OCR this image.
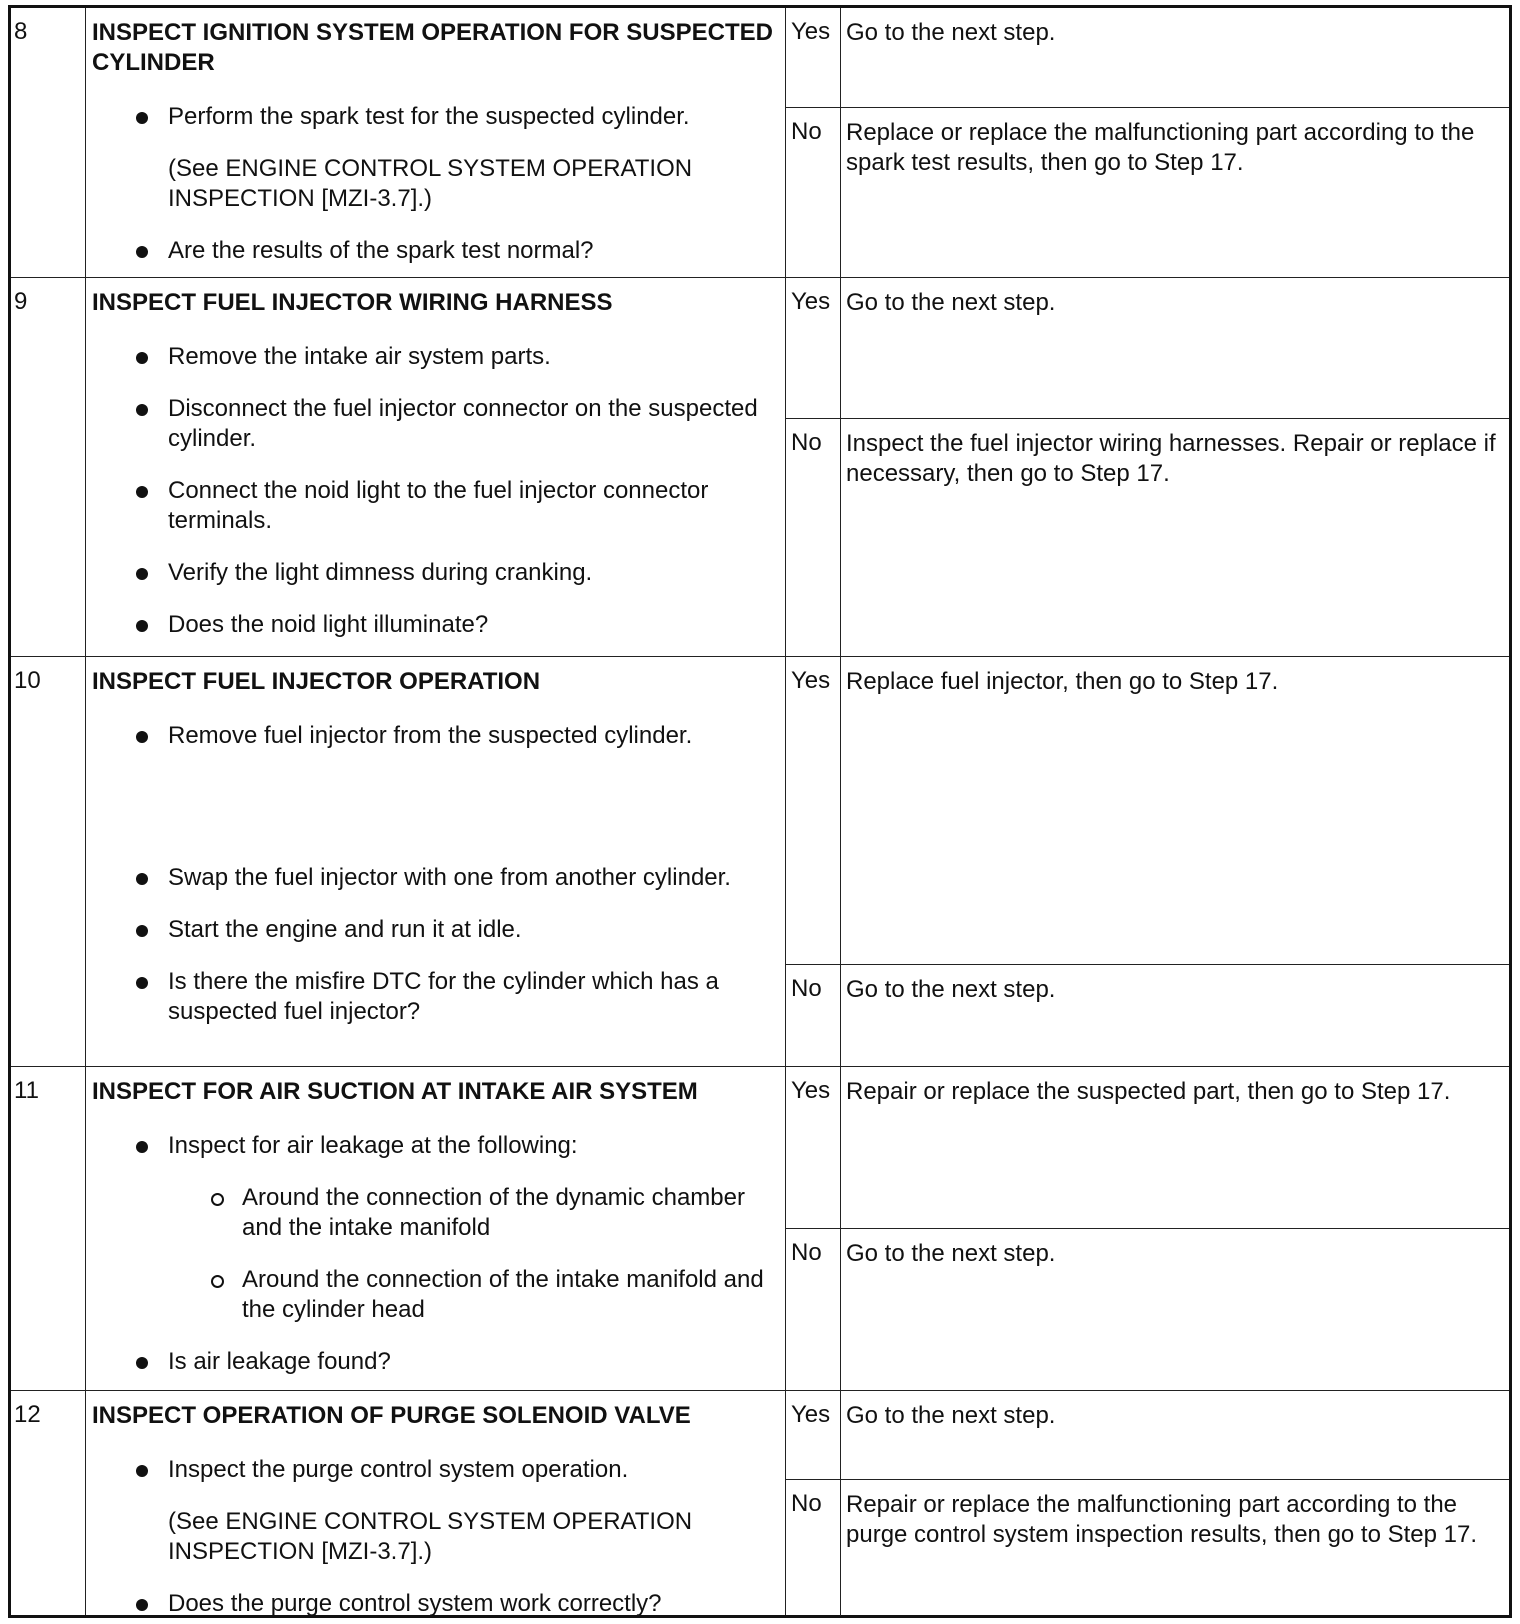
8	INSPECT IGNITION SYSTEM OPERATION FOR SUSPECTED CYLINDER
Perform the spark test for the suspected cylinder.
(See ENGINE CONTROL SYSTEM OPERATION INSPECTION [MZI-3.7].)
Are the results of the spark test normal?
Yes Go to the next step.
No	Replace or replace the malfunctioning part according to the spark test results, then go to Step 17.
9	INSPECT FUEL INJECTOR WIRING HARNESS
Remove the intake air system parts.
Disconnect the fuel injector connector on the suspected cylinder.
Connect the noid light to the fuel injector connector terminals.
Verify the light dimness during cranking.
Does the noid light illuminate?
Yes Go to the next step.
No	Inspect the fuel injector wiring harnesses. Repair or replace if necessary, then go to Step 17.
10	INSPECT FUEL INJECTOR OPERATION
Remove fuel injector from the suspected cylinder.
Swap the fuel injector with one from another cylinder.
Start the engine and run it at idle.
Is there the misfire DTC for the cylinder which has a suspected fuel injector?
Yes Replace fuel injector, then go to Step 17.
No	Go to the next step.
11	INSPECT FOR AIR SUCTION AT INTAKE AIR SYSTEM
Inspect for air leakage at the following:
Around the connection of the dynamic chamber and the intake manifold
Around the connection of the intake manifold and the cylinder head
Is air leakage found?
Yes Repair or replace the suspected part, then go to Step 17.
No	Go to the next step.
12	INSPECT OPERATION OF PURGE SOLENOID VALVE
Inspect the purge control system operation.
(See ENGINE CONTROL SYSTEM OPERATION INSPECTION [MZI-3.7].)
Does the purge control system work correctly?
Yes Go to the next step.
No	Repair or replace the malfunctioning part according to the purge control system inspection results, then go to Step 17.
